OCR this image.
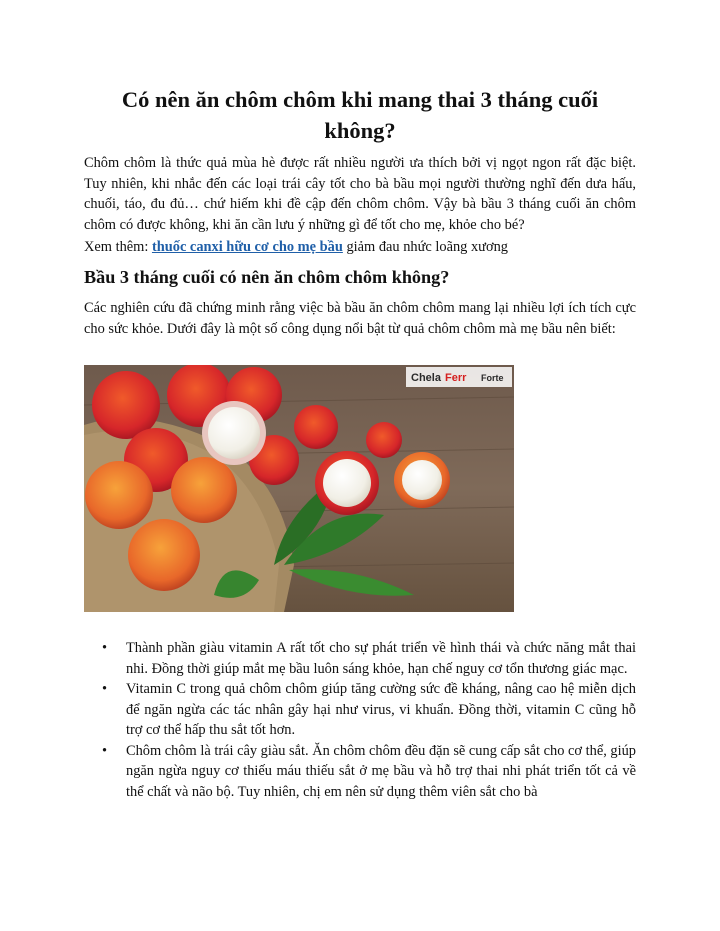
Có nên ăn chôm chôm khi mang thai 3 tháng cuối không?

Chôm chôm là thức quả mùa hè được rất nhiều người ưa thích bởi vị ngọt ngon rất đặc biệt. Tuy nhiên, khi nhắc đến các loại trái cây tốt cho bà bầu mọi người thường nghĩ đến dưa hấu, chuối, táo, đu đủ… chứ hiếm khi đề cập đến chôm chôm. Vậy bà bầu 3 tháng cuối ăn chôm chôm có được không, khi ăn cần lưu ý những gì để tốt cho mẹ, khỏe cho bé?

Xem thêm: thuốc canxi hữu cơ cho mẹ bầu giảm đau nhức loãng xương

Bầu 3 tháng cuối có nên ăn chôm chôm không?

Các nghiên cứu đã chứng minh rằng việc bà bầu ăn chôm chôm mang lại nhiều lợi ích tích cực cho sức khỏe. Dưới đây là một số công dụng nổi bật từ quả chôm chôm mà mẹ bầu nên biết:

Chela Ferr Forte
• Thành phần giàu vitamin A rất tốt cho sự phát triển về hình thái và chức năng mắt thai nhi. Đồng thời giúp mắt mẹ bầu luôn sáng khỏe, hạn chế nguy cơ tổn thương giác mạc.
• Vitamin C trong quả chôm chôm giúp tăng cường sức đề kháng, nâng cao hệ miễn dịch để ngăn ngừa các tác nhân gây hại như virus, vi khuẩn. Đồng thời, vitamin C cũng hỗ trợ cơ thể hấp thu sắt tốt hơn.
• Chôm chôm là trái cây giàu sắt. Ăn chôm chôm đều đặn sẽ cung cấp sắt cho cơ thể, giúp ngăn ngừa nguy cơ thiếu máu thiếu sắt ở mẹ bầu và hỗ trợ thai nhi phát triển tốt cả về thể chất và não bộ. Tuy nhiên, chị em nên sử dụng thêm viên sắt cho bà
